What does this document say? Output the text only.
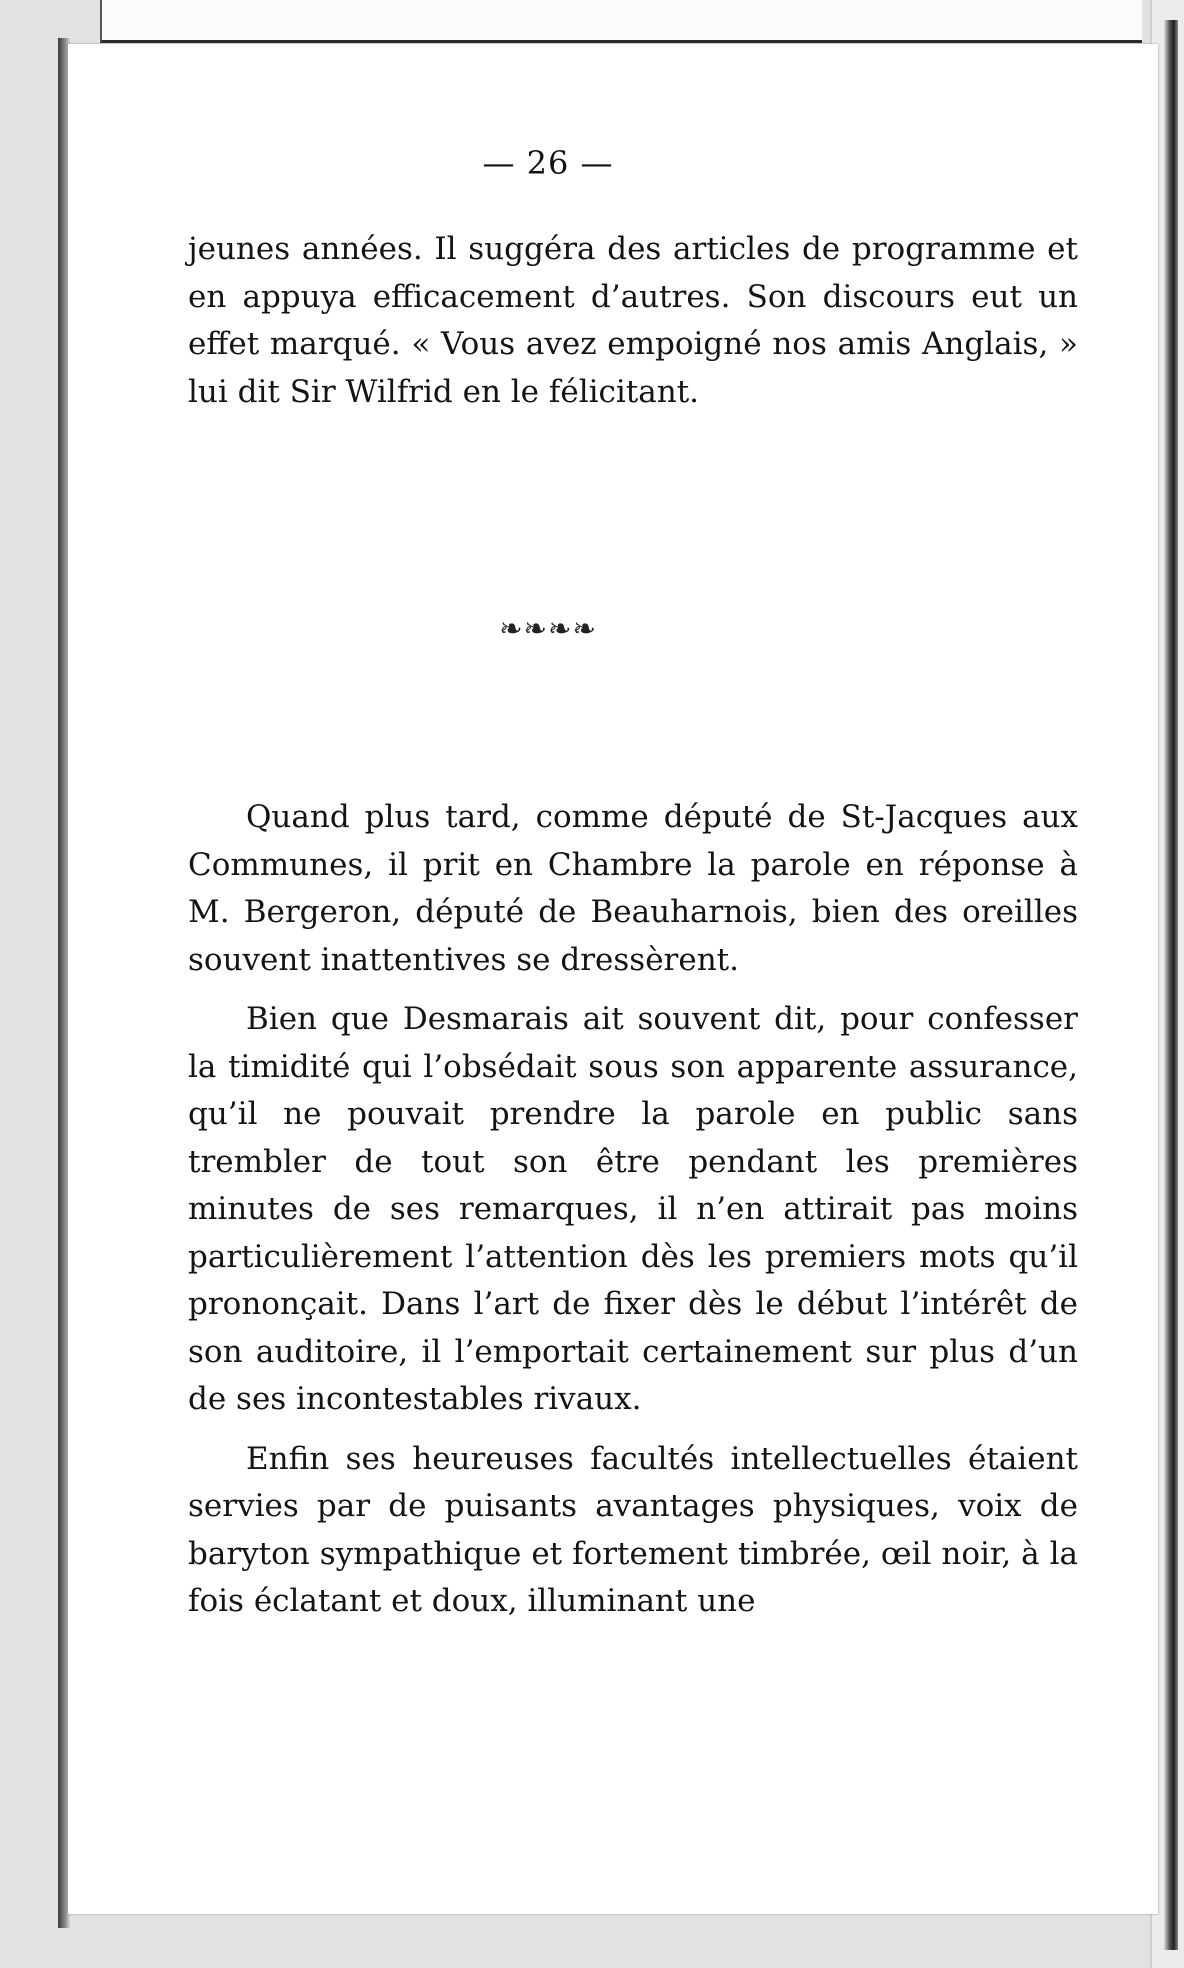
— 26 —

jeunes années. Il suggéra des articles de programme et en appuya efficacement d’autres. Son discours eut un effet marqué. « Vous avez empoigné nos amis Anglais, » lui dit Sir Wilfrid en le félicitant.

❧❧❧❧

Quand plus tard, comme député de St-Jacques aux Communes, il prit en Chambre la parole en réponse à M. Bergeron, député de Beauharnois, bien des oreilles souvent inattentives se dressèrent.

Bien que Desmarais ait souvent dit, pour confesser la timidité qui l’obsédait sous son apparente assurance, qu’il ne pouvait prendre la parole en public sans trembler de tout son être pendant les premières minutes de ses remarques, il n’en attirait pas moins particulièrement l’attention dès les premiers mots qu’il prononçait. Dans l’art de fixer dès le début l’intérêt de son auditoire, il l’emportait certainement sur plus d’un de ses incontestables rivaux.

Enfin ses heureuses facultés intellectuelles étaient servies par de puisants avantages physiques, voix de baryton sympathique et fortement timbrée, œil noir, à la fois éclatant et doux, illuminant une
